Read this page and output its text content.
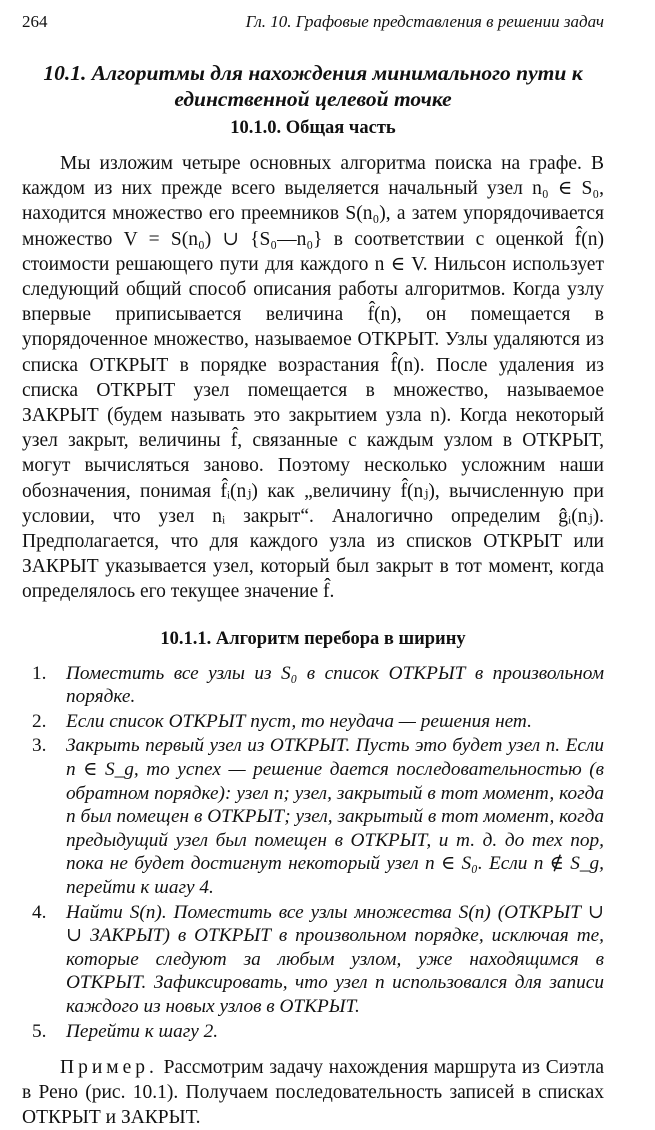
264	Гл. 10. Графовые представления в решении задач
10.1. Алгоритмы для нахождения минимального пути к единственной целевой точке
10.1.0. Общая часть

Мы изложим четыре основных алгоритма поиска на графе. В каждом из них прежде всего выделяется начальный узел n₀ ∈ S₀, находится множество его преемников S(n₀), а затем упорядочивается множество V = S(n₀) ∪ {S₀—n₀} в соответствии с оценкой f̂(n) стоимости решающего пути для каждого n ∈ V. Нильсон использует следующий общий способ описания работы алгоритмов. Когда узлу впервые приписывается величина f̂(n), он помещается в упорядоченное множество, называемое ОТКРЫТ. Узлы удаляются из списка ОТКРЫТ в порядке возрастания f̂(n). После удаления из списка ОТКРЫТ узел помещается в множество, называемое ЗАКРЫТ (будем называть это закрытием узла n). Когда некоторый узел закрыт, величины f̂, связанные с каждым узлом в ОТКРЫТ, могут вычисляться заново. Поэтому несколько усложним наши обозначения, понимая f̂ᵢ(nⱼ) как „величину f̂(nⱼ), вычисленную при условии, что узел nᵢ закрыт“. Аналогично определим ĝᵢ(nⱼ). Предполагается, что для каждого узла из списков ОТКРЫТ или ЗАКРЫТ указывается узел, который был закрыт в тот момент, когда определялось его текущее значение f̂.

10.1.1. Алгоритм перебора в ширину
1. Поместить все узлы из S₀ в список ОТКРЫТ в произвольном порядке.
2. Если список ОТКРЫТ пуст, то неудача — решения нет.
3. Закрыть первый узел из ОТКРЫТ. Пусть это будет узел n. Если n ∈ S_g, то успех — решение дается последовательностью (в обратном порядке): узел n; узел, закрытый в тот момент, когда n был помещен в ОТКРЫТ; узел, закрытый в тот момент, когда предыдущий узел был помещен в ОТКРЫТ, и т. д. до тех пор, пока не будет достигнут некоторый узел n ∈ S₀. Если n ∉ S_g, перейти к шагу 4.
4. Найти S(n). Поместить все узлы множества S(n) (ОТКРЫТ ∪ ∪ ЗАКРЫТ) в ОТКРЫТ в произвольном порядке, исключая те, которые следуют за любым узлом, уже находящимся в ОТКРЫТ. Зафиксировать, что узел n использовался для записи каждого из новых узлов в ОТКРЫТ.
5. Перейти к шагу 2.

Пример. Рассмотрим задачу нахождения маршрута из Сиэтла в Рено (рис. 10.1). Получаем последовательность записей в списках ОТКРЫТ и ЗАКРЫТ.
